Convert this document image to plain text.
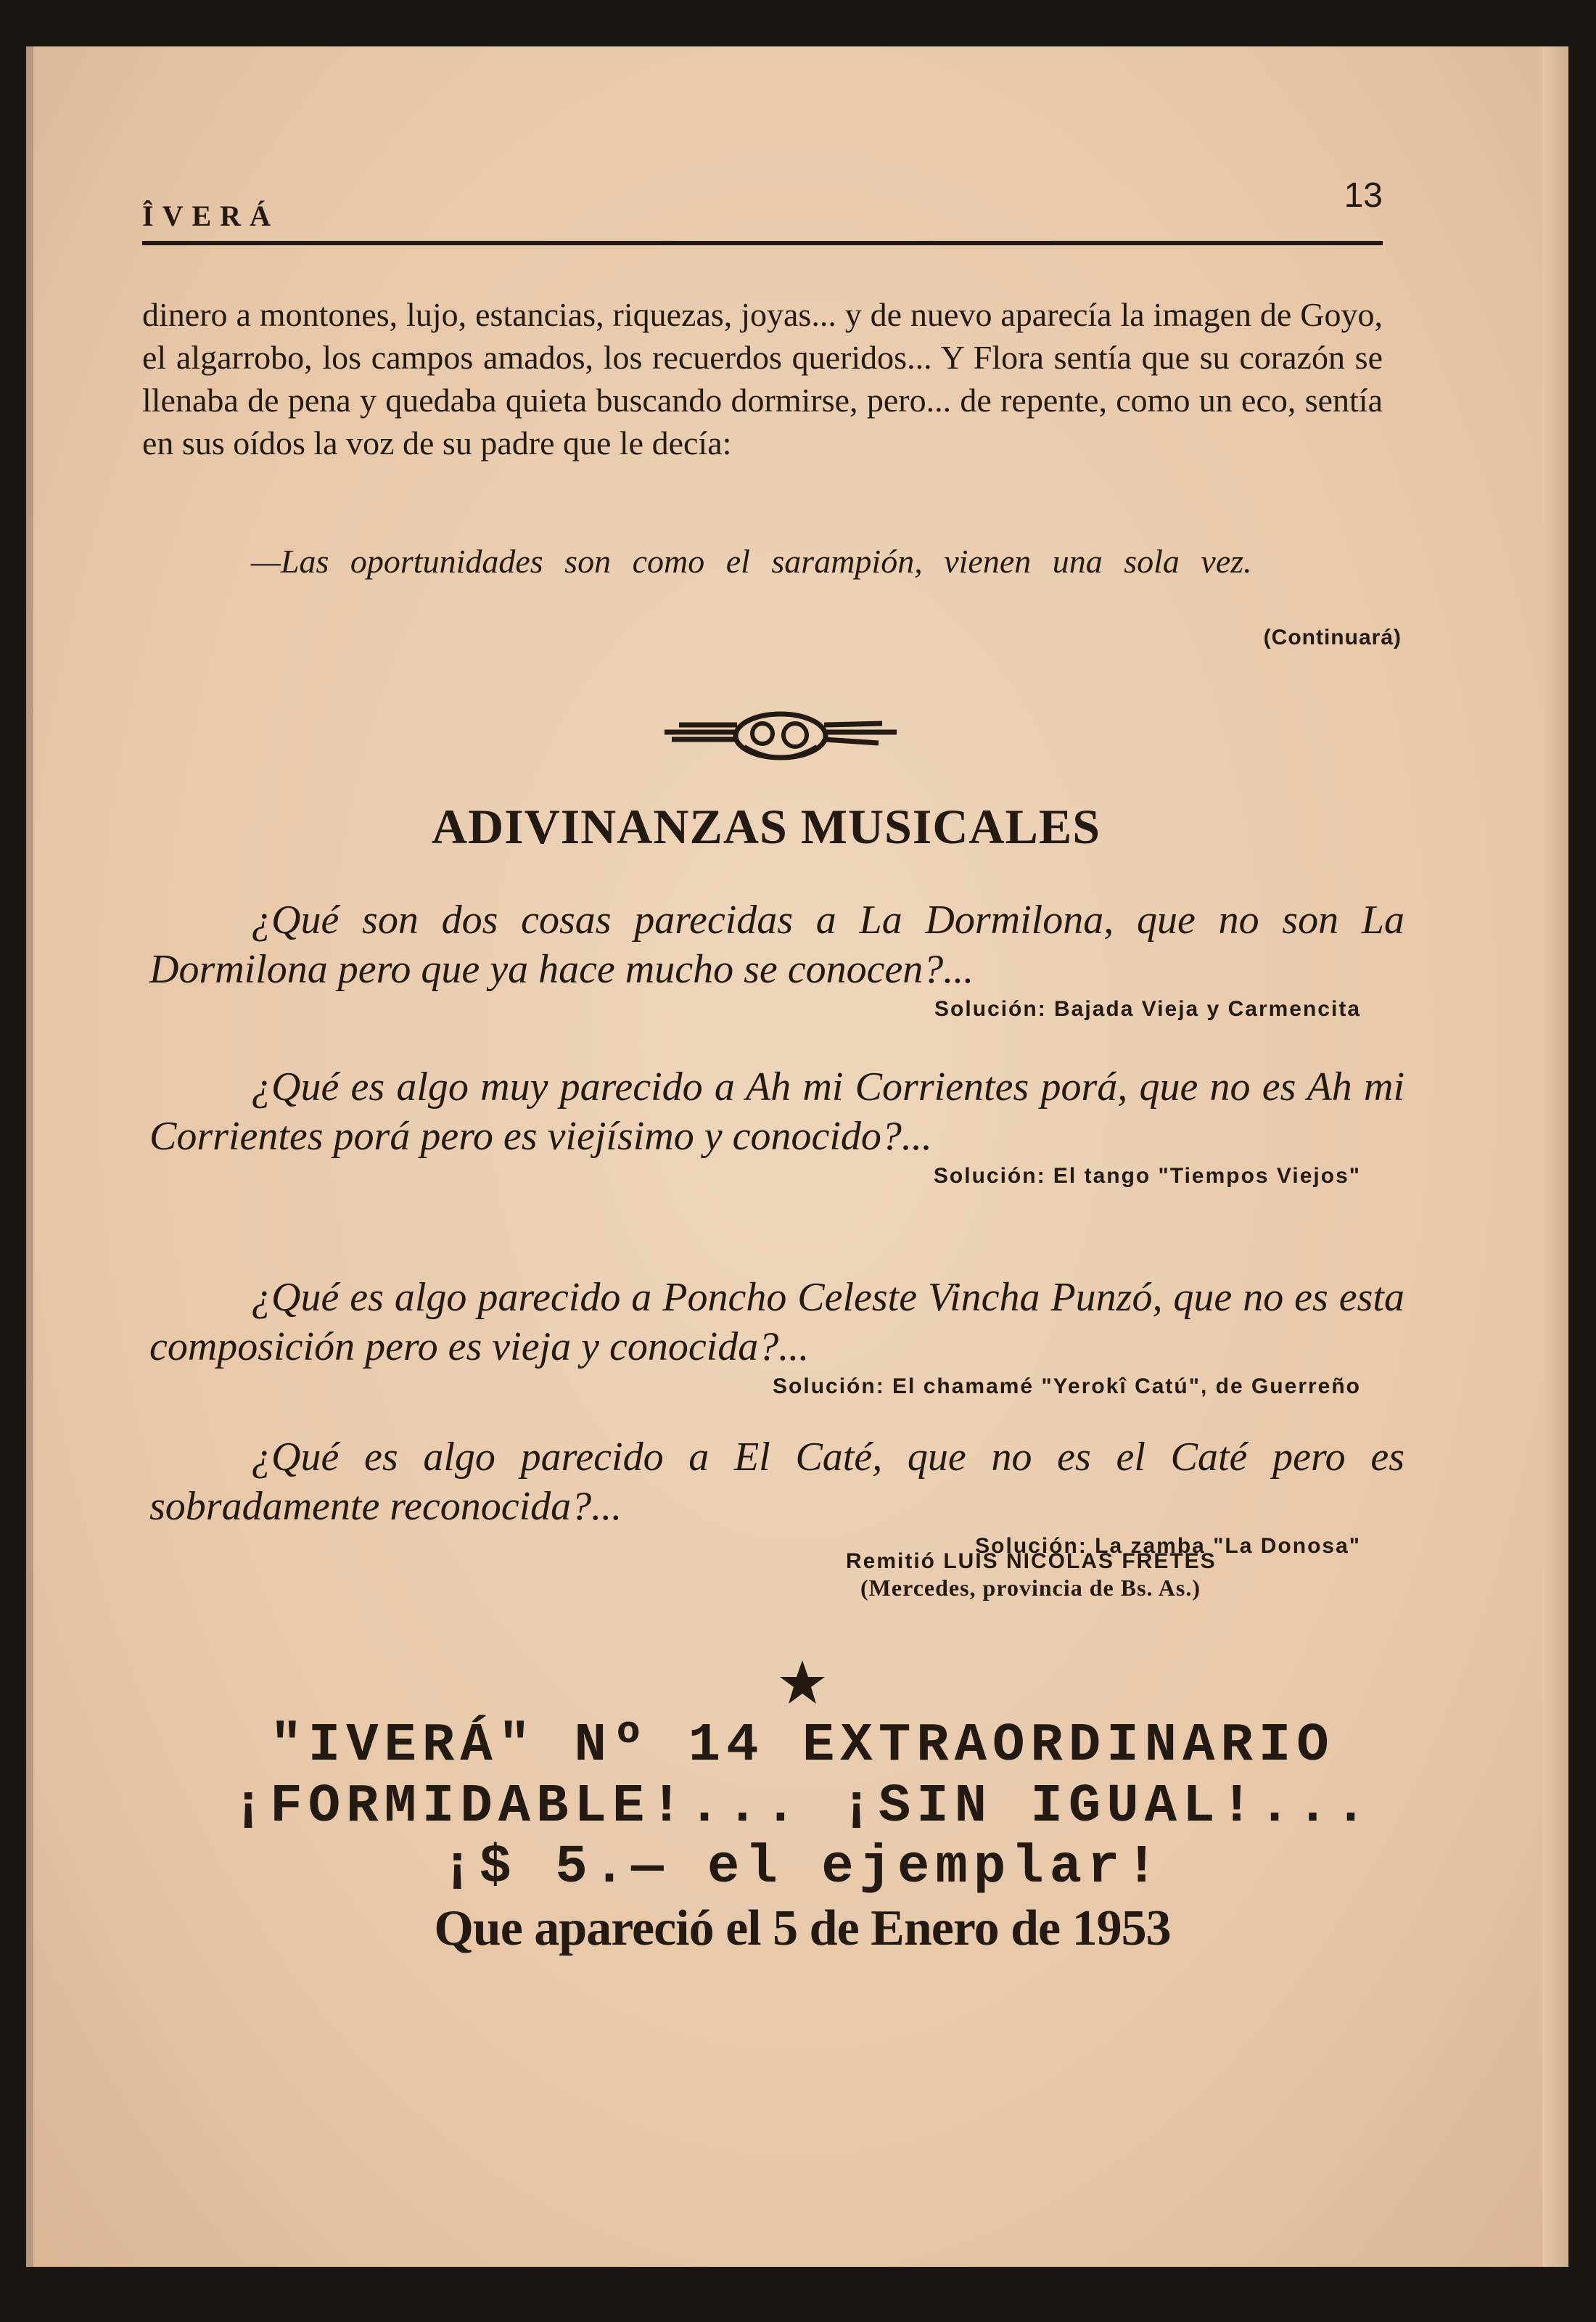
ÎVERÁ
13

dinero a montones, lujo, estancias, riquezas, joyas... y de nuevo aparecía la imagen de Goyo, el algarrobo, los campos amados, los recuerdos queridos... Y Flora sentía que su corazón se llenaba de pena y quedaba quieta buscando dormirse, pero... de repente, como un eco, sentía en sus oídos la voz de su padre que le decía:

—Las oportunidades son como el sarampión, vienen una sola vez.

(Continuará)
ADIVINANZAS MUSICALES

¿Qué son dos cosas parecidas a La Dormilona, que no son La Dormilona pero que ya hace mucho se conocen?...

Solución: Bajada Vieja y Carmencita

¿Qué es algo muy parecido a Ah mi Corrientes porá, que no es Ah mi Corrientes porá pero es viejísimo y conocido?...

Solución: El tango "Tiempos Viejos"

¿Qué es algo parecido a Poncho Celeste Vincha Punzó, que no es esta composición pero es vieja y conocida?...

Solución: El chamamé "Yerokî Catú", de Guerreño

¿Qué es algo parecido a El Caté, que no es el Caté pero es sobradamente reconocida?...

Solución: La zamba "La Donosa"

Remitió LUIS NICOLAS FRETES
(Mercedes, provincia de Bs. As.)
"IVERÁ" Nº 14 EXTRAORDINARIO
¡FORMIDABLE!... ¡SIN IGUAL!...
¡$ 5.— el ejemplar!
Que apareció el 5 de Enero de 1953
